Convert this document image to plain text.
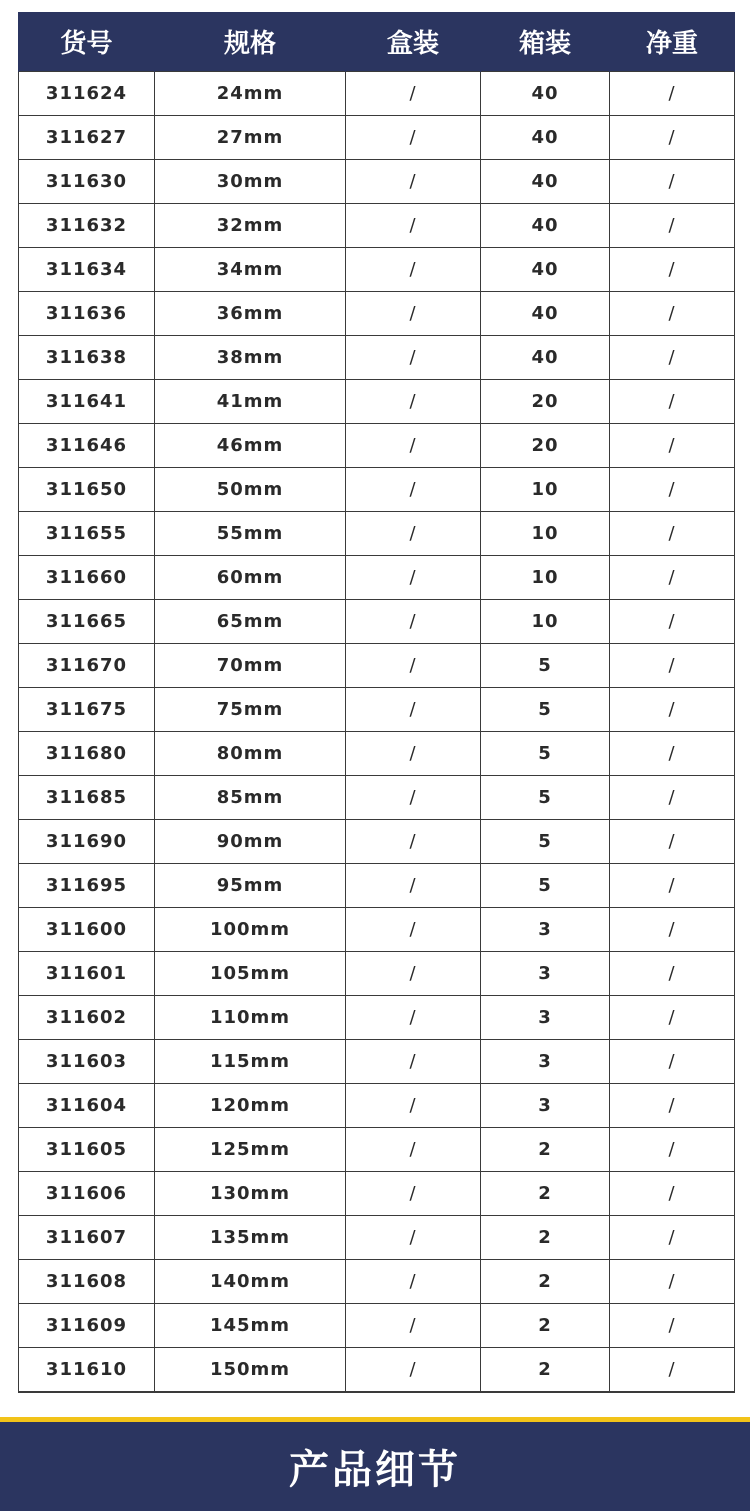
货号	规格	盒装	箱装	净重
311624	24mm	/	40	/
311627	27mm	/	40	/
311630	30mm	/	40	/
311632	32mm	/	40	/
311634	34mm	/	40	/
311636	36mm	/	40	/
311638	38mm	/	40	/
311641	41mm	/	20	/
311646	46mm	/	20	/
311650	50mm	/	10	/
311655	55mm	/	10	/
311660	60mm	/	10	/
311665	65mm	/	10	/
311670	70mm	/	5	/
311675	75mm	/	5	/
311680	80mm	/	5	/
311685	85mm	/	5	/
311690	90mm	/	5	/
311695	95mm	/	5	/
311600	100mm	/	3	/
311601	105mm	/	3	/
311602	110mm	/	3	/
311603	115mm	/	3	/
311604	120mm	/	3	/
311605	125mm	/	2	/
311606	130mm	/	2	/
311607	135mm	/	2	/
311608	140mm	/	2	/
311609	145mm	/	2	/
311610	150mm	/	2	/
产品细节
